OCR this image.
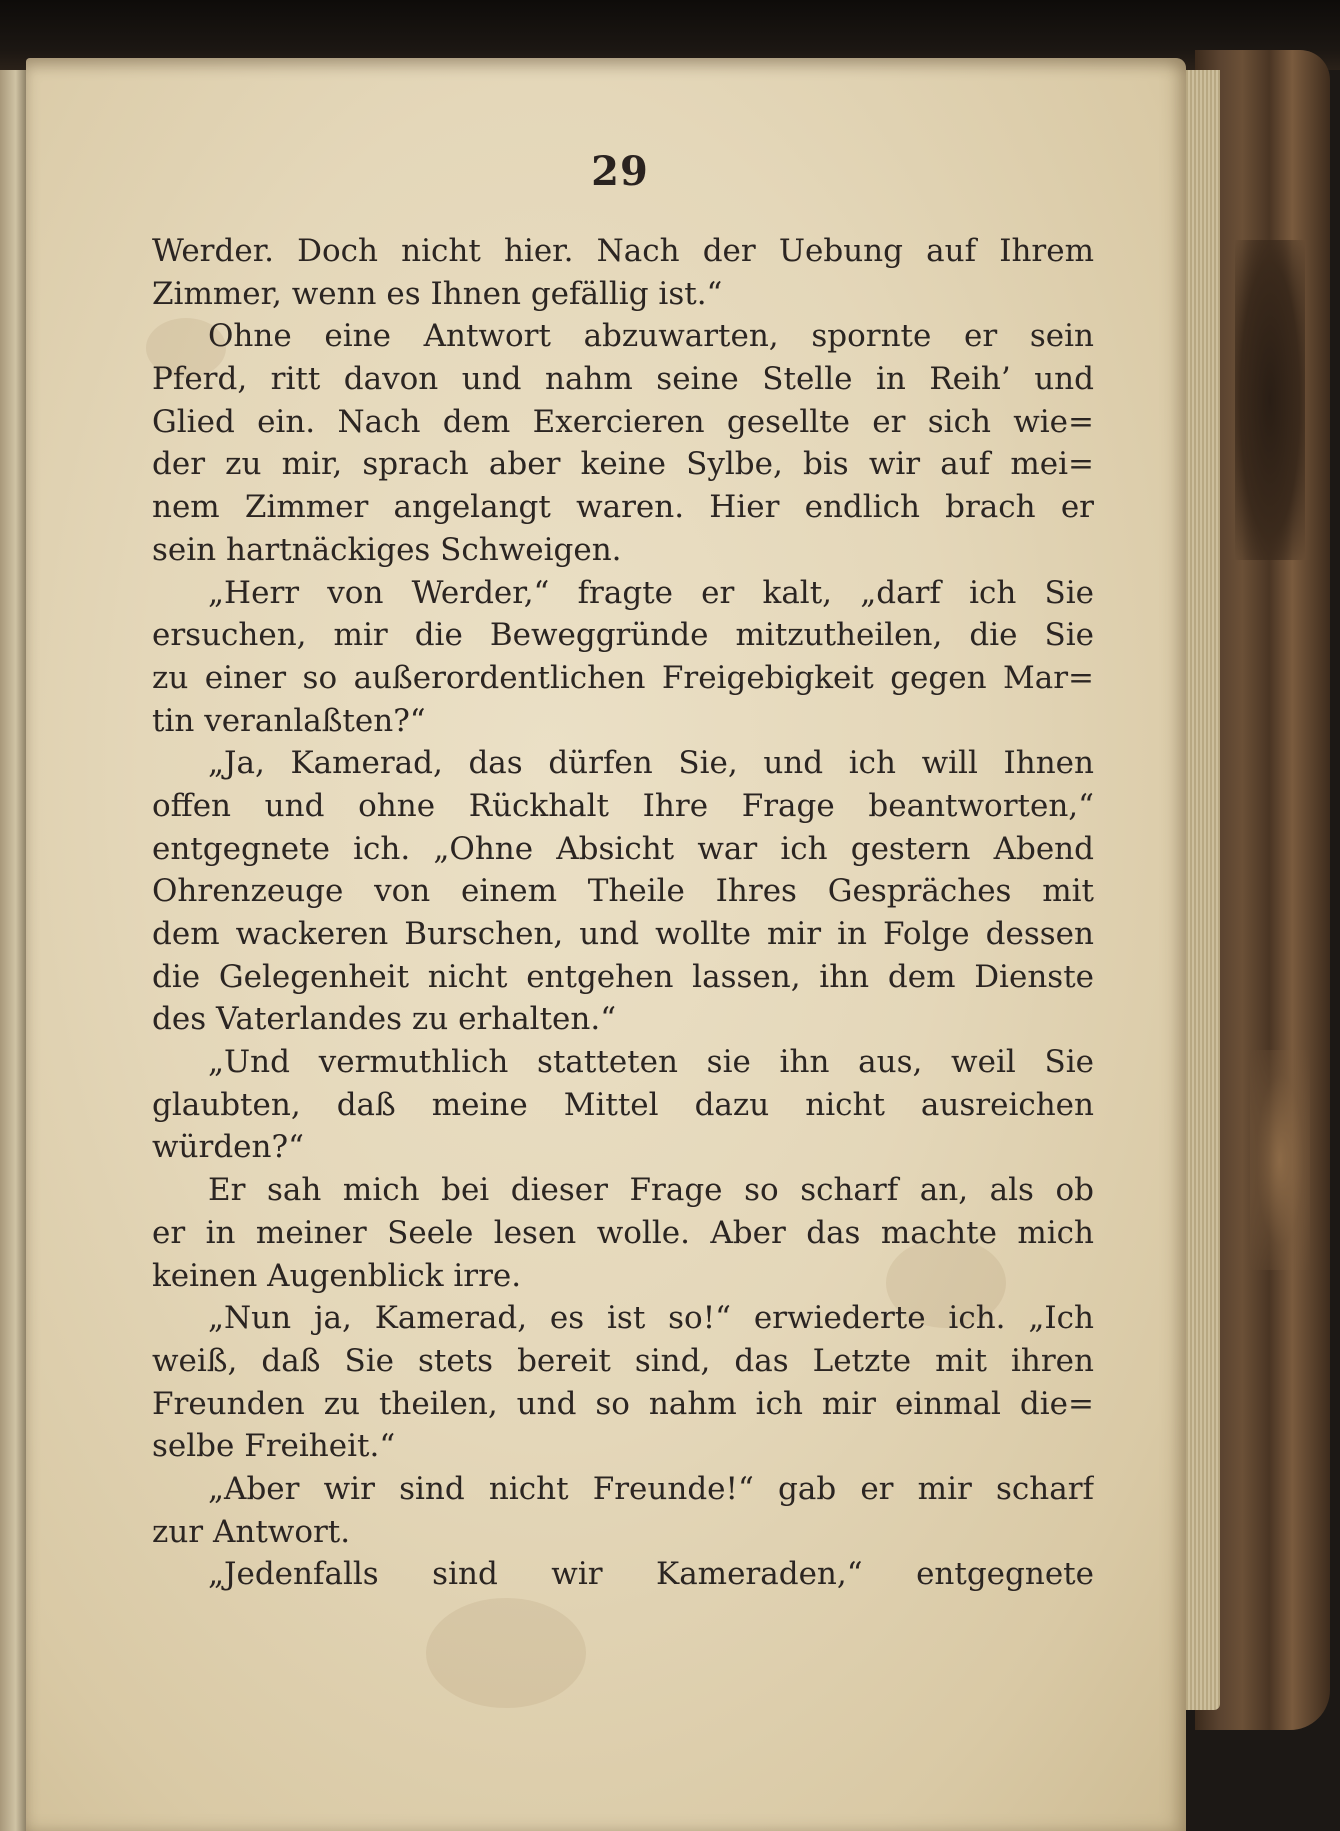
29
Werder. Doch nicht hier. Nach der Uebung auf Ihrem
Zimmer, wenn es Ihnen gefällig ist.“
Ohne eine Antwort abzuwarten, spornte er sein
Pferd, ritt davon und nahm seine Stelle in Reih’ und
Glied ein. Nach dem Exercieren gesellte er sich wie=
der zu mir, sprach aber keine Sylbe, bis wir auf mei=
nem Zimmer angelangt waren. Hier endlich brach er
sein hartnäckiges Schweigen.
„Herr von Werder,“ fragte er kalt, „darf ich Sie
ersuchen, mir die Beweggründe mitzutheilen, die Sie
zu einer so außerordentlichen Freigebigkeit gegen Mar=
tin veranlaßten?“
„Ja, Kamerad, das dürfen Sie, und ich will Ihnen
offen und ohne Rückhalt Ihre Frage beantworten,“
entgegnete ich. „Ohne Absicht war ich gestern Abend
Ohrenzeuge von einem Theile Ihres Gespräches mit
dem wackeren Burschen, und wollte mir in Folge dessen
die Gelegenheit nicht entgehen lassen, ihn dem Dienste
des Vaterlandes zu erhalten.“
„Und vermuthlich statteten sie ihn aus, weil Sie
glaubten, daß meine Mittel dazu nicht ausreichen
würden?“
Er sah mich bei dieser Frage so scharf an, als ob
er in meiner Seele lesen wolle. Aber das machte mich
keinen Augenblick irre.
„Nun ja, Kamerad, es ist so!“ erwiederte ich. „Ich
weiß, daß Sie stets bereit sind, das Letzte mit ihren
Freunden zu theilen, und so nahm ich mir einmal die=
selbe Freiheit.“
„Aber wir sind nicht Freunde!“ gab er mir scharf
zur Antwort.
„Jedenfalls sind wir Kameraden,“ entgegnete
